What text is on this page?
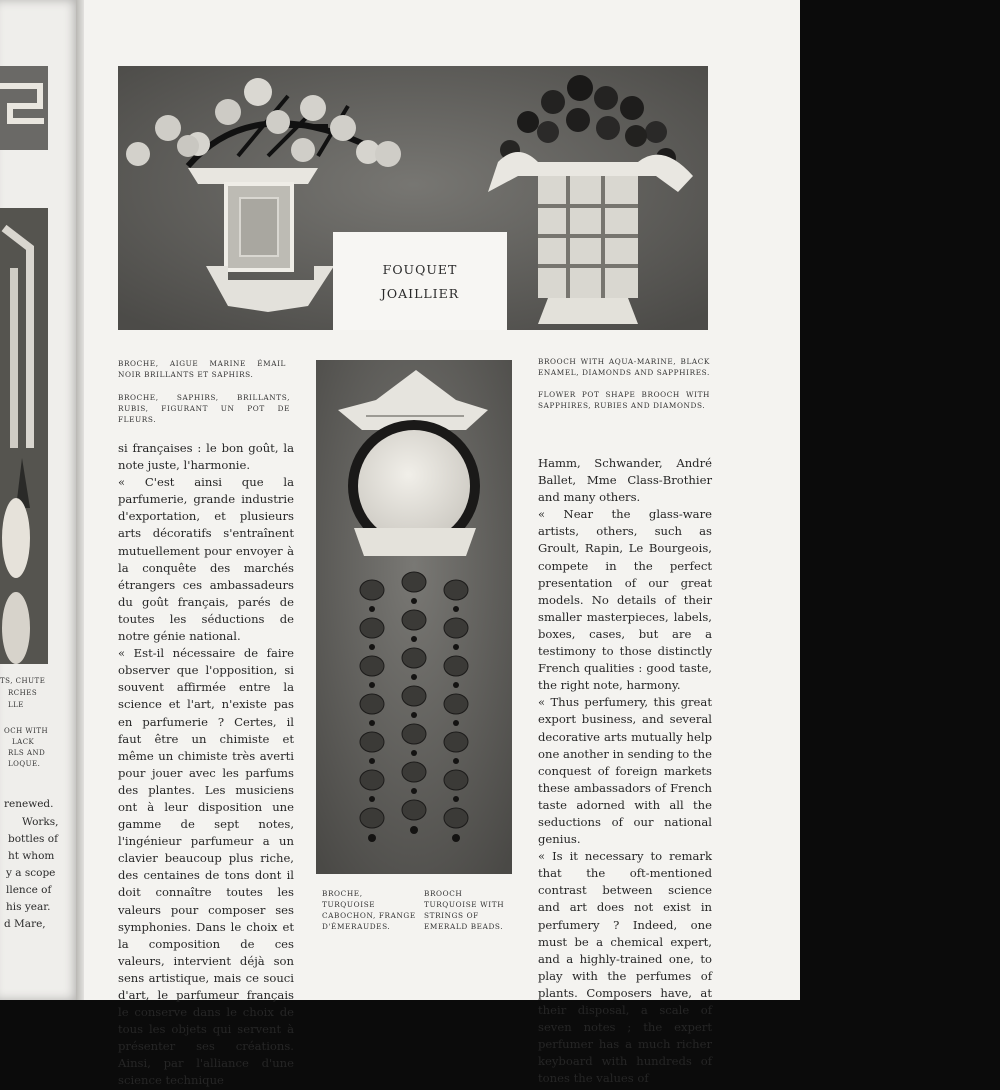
TS, CHUTE
RCHES
LLE
OCH WITH
LACK
RLS AND
LOQUE.
renewed.
Works,
bottles of
ht whom
y a scope
llence of
his year.
d Mare,
FOUQUET
JOAILLIER
BROCHE, AIGUE MARINE ÉMAIL NOIR BRILLANTS ET SAPHIRS.
BROCHE, SAPHIRS, BRILLANTS, RUBIS, FIGURANT UN POT DE FLEURS.
BROOCH WITH AQUA-MARINE, BLACK ENAMEL, DIAMONDS AND SAPPHIRES.
FLOWER POT SHAPE BROOCH WITH SAPPHIRES, RUBIES AND DIAMONDS.
BROCHE, TURQUOISE CABOCHON, FRANGE D'ÉMERAUDES.
BROOCH TURQUOISE WITH STRINGS OF EMERALD BEADS.

si françaises : le bon goût, la note juste, l'harmonie.

« C'est ainsi que la parfumerie, grande industrie d'exportation, et plusieurs arts décoratifs s'entraînent mutuellement pour envoyer à la conquête des marchés étrangers ces ambassadeurs du goût français, parés de toutes les séductions de notre génie national.

« Est-il nécessaire de faire observer que l'opposition, si souvent affirmée entre la science et l'art, n'existe pas en parfumerie ? Certes, il faut être un chimiste et même un chimiste très averti pour jouer avec les parfums des plantes. Les musiciens ont à leur disposition une gamme de sept notes, l'ingénieur parfumeur a un clavier beaucoup plus riche, des centaines de tons dont il doit connaître toutes les valeurs pour composer ses symphonies. Dans le choix et la composition de ces valeurs, intervient déjà son sens artistique, mais ce souci d'art, le parfumeur français le conserve dans le choix de tous les objets qui servent à présenter ses créations. Ainsi, par l'alliance d'une science technique

Hamm, Schwander, André Ballet, Mme Class-Brothier and many others.

« Near the glass-ware artists, others, such as Groult, Rapin, Le Bourgeois, compete in the perfect presentation of our great models. No details of their smaller masterpieces, labels, boxes, cases, but are a testimony to those distinctly French qualities : good taste, the right note, harmony.

« Thus perfumery, this great export business, and several decorative arts mutually help one another in sending to the conquest of foreign markets these ambassadors of French taste adorned with all the seductions of our national genius.

« Is it necessary to remark that the oft-mentioned contrast between science and art does not exist in perfumery ? Indeed, one must be a chemical expert, and a highly-trained one, to play with the perfumes of plants. Composers have, at their disposal, a scale of seven notes ; the expert perfumer has a much richer keyboard with hundreds of tones the values of
